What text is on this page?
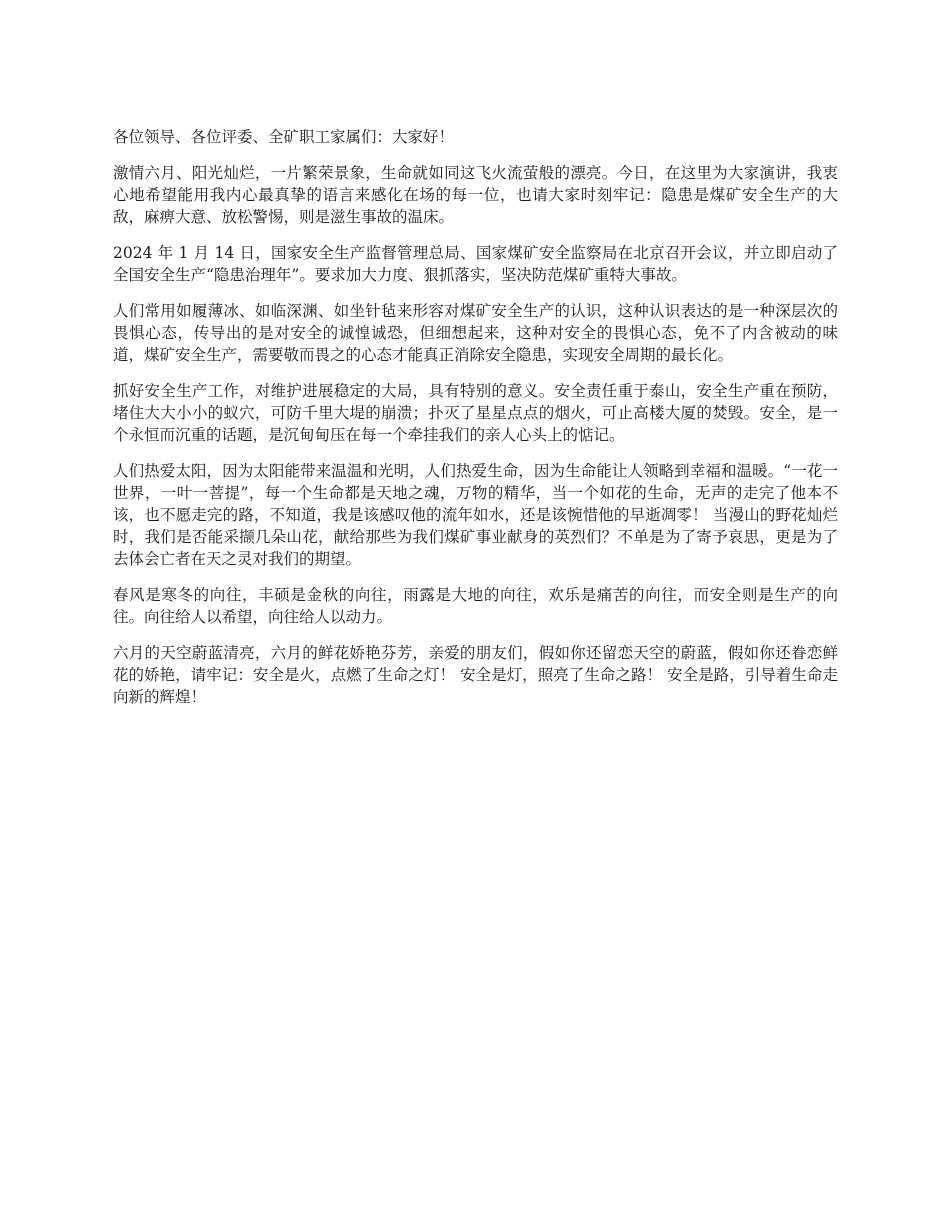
各位领导、各位评委、全矿职工家属们：大家好！

激情六月、阳光灿烂，一片繁荣景象，生命就如同这飞火流萤般的漂亮。今日，在这里为大家演讲，我衷心地希望能用我内心最真挚的语言来感化在场的每一位，也请大家时刻牢记：隐患是煤矿安全生产的大敌，麻痹大意、放松警惕，则是滋生事故的温床。

2024 年 1 月 14 日，国家安全生产监督管理总局、国家煤矿安全监察局在北京召开会议，并立即启动了全国安全生产“隐患治理年”。要求加大力度、狠抓落实，坚决防范煤矿重特大事故。

人们常用如履薄冰、如临深渊、如坐针毡来形容对煤矿安全生产的认识，这种认识表达的是一种深层次的畏惧心态，传导出的是对安全的诚惶诚恐，但细想起来，这种对安全的畏惧心态，免不了内含被动的味道，煤矿安全生产，需要敬而畏之的心态才能真正消除安全隐患，实现安全周期的最长化。

抓好安全生产工作，对维护进展稳定的大局，具有特别的意义。安全责任重于泰山，安全生产重在预防，堵住大大小小的蚁穴，可防千里大堤的崩溃；扑灭了星星点点的烟火，可止高楼大厦的焚毁。安全，是一个永恒而沉重的话题，是沉甸甸压在每一个牵挂我们的亲人心头上的惦记。

人们热爱太阳，因为太阳能带来温温和光明，人们热爱生命，因为生命能让人领略到幸福和温暖。“一花一世界，一叶一菩提”，每一个生命都是天地之魂，万物的精华，当一个如花的生命，无声的走完了他本不该，也不愿走完的路，不知道，我是该感叹他的流年如水，还是该惋惜他的早逝凋零！ 当漫山的野花灿烂时，我们是否能采撷几朵山花，献给那些为我们煤矿事业献身的英烈们？不单是为了寄予哀思，更是为了去体会亡者在天之灵对我们的期望。

春风是寒冬的向往，丰硕是金秋的向往，雨露是大地的向往，欢乐是痛苦的向往，而安全则是生产的向往。向往给人以希望，向往给人以动力。

六月的天空蔚蓝清亮，六月的鲜花娇艳芬芳，亲爱的朋友们，假如你还留恋天空的蔚蓝，假如你还眷恋鲜花的娇艳，请牢记：安全是火，点燃了生命之灯！ 安全是灯，照亮了生命之路！ 安全是路，引导着生命走向新的辉煌！
